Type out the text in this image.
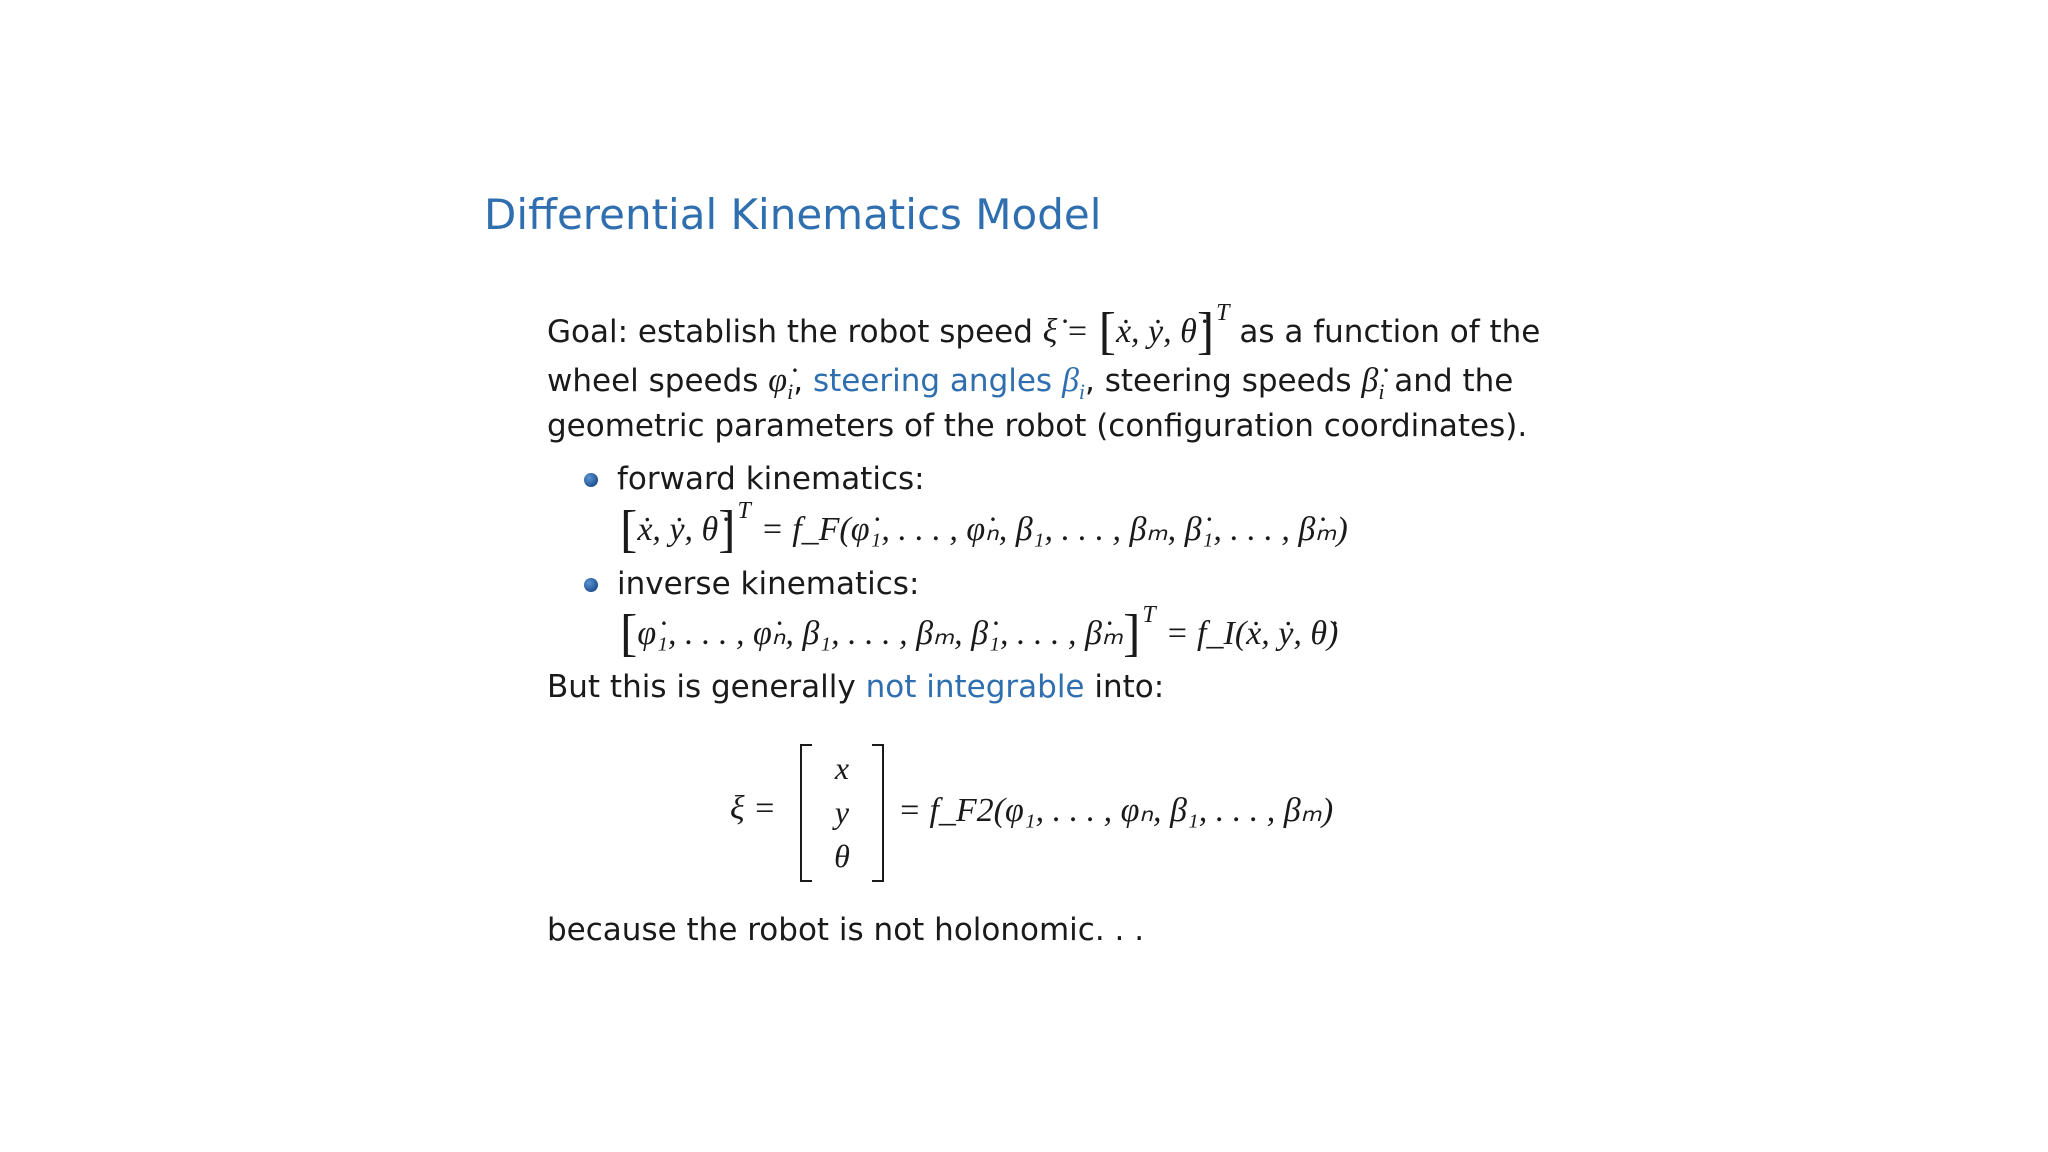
Differential Kinematics Model
Goal: establish the robot speed ξ̇ = [ẋ, ẏ, θ̇]$^T$ as a function of the
wheel speeds $\varphi̇_i$, steering angles $\beta_i$, steering speeds $\betȧ_i$ and the
geometric parameters of the robot (configuration coordinates).
forward kinematics:
[ẋ, ẏ, θ̇]$^T$ = f_F(φ̇₁, . . . , φ̇ₙ, β₁, . . . , βₘ, β̇₁, . . . , β̇ₘ)
inverse kinematics:
[φ̇₁, . . . , φ̇ₙ, β₁, . . . , βₘ, β̇₁, . . . , β̇ₘ]$^T$ = f_I(ẋ, ẏ, θ̇)
But this is generally not integrable into:
ξ =
x
y
θ
= f_F2(φ₁, . . . , φₙ, β₁, . . . , βₘ)
because the robot is not holonomic. . .
